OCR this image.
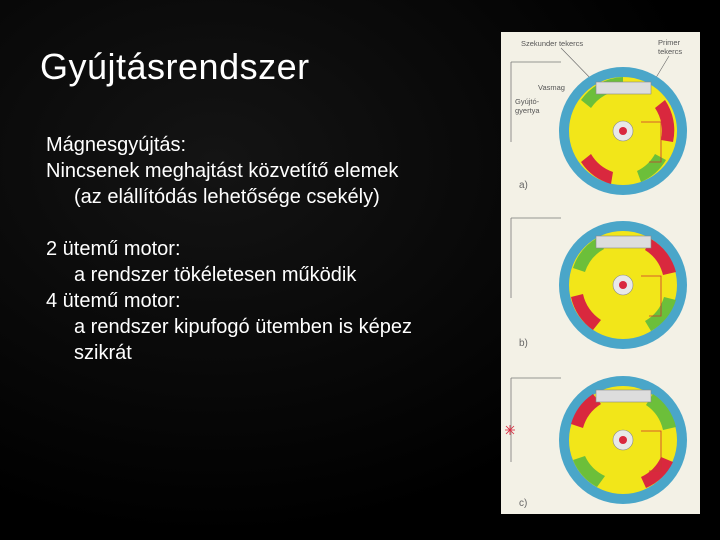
Gyújtásrendszer
Mágnesgyújtás:
Nincsenek meghajtást közvetítő elemek
(az elállítódás lehetősége csekély)
2 ütemű motor:
a rendszer tökéletesen működik
4 ütemű motor:
a rendszer kipufogó ütemben is képez
szikrát
Szekunder tekercs	Primer
tekercs
Vasmag
Gyújtó-
gyertya
a)
b)
c)
